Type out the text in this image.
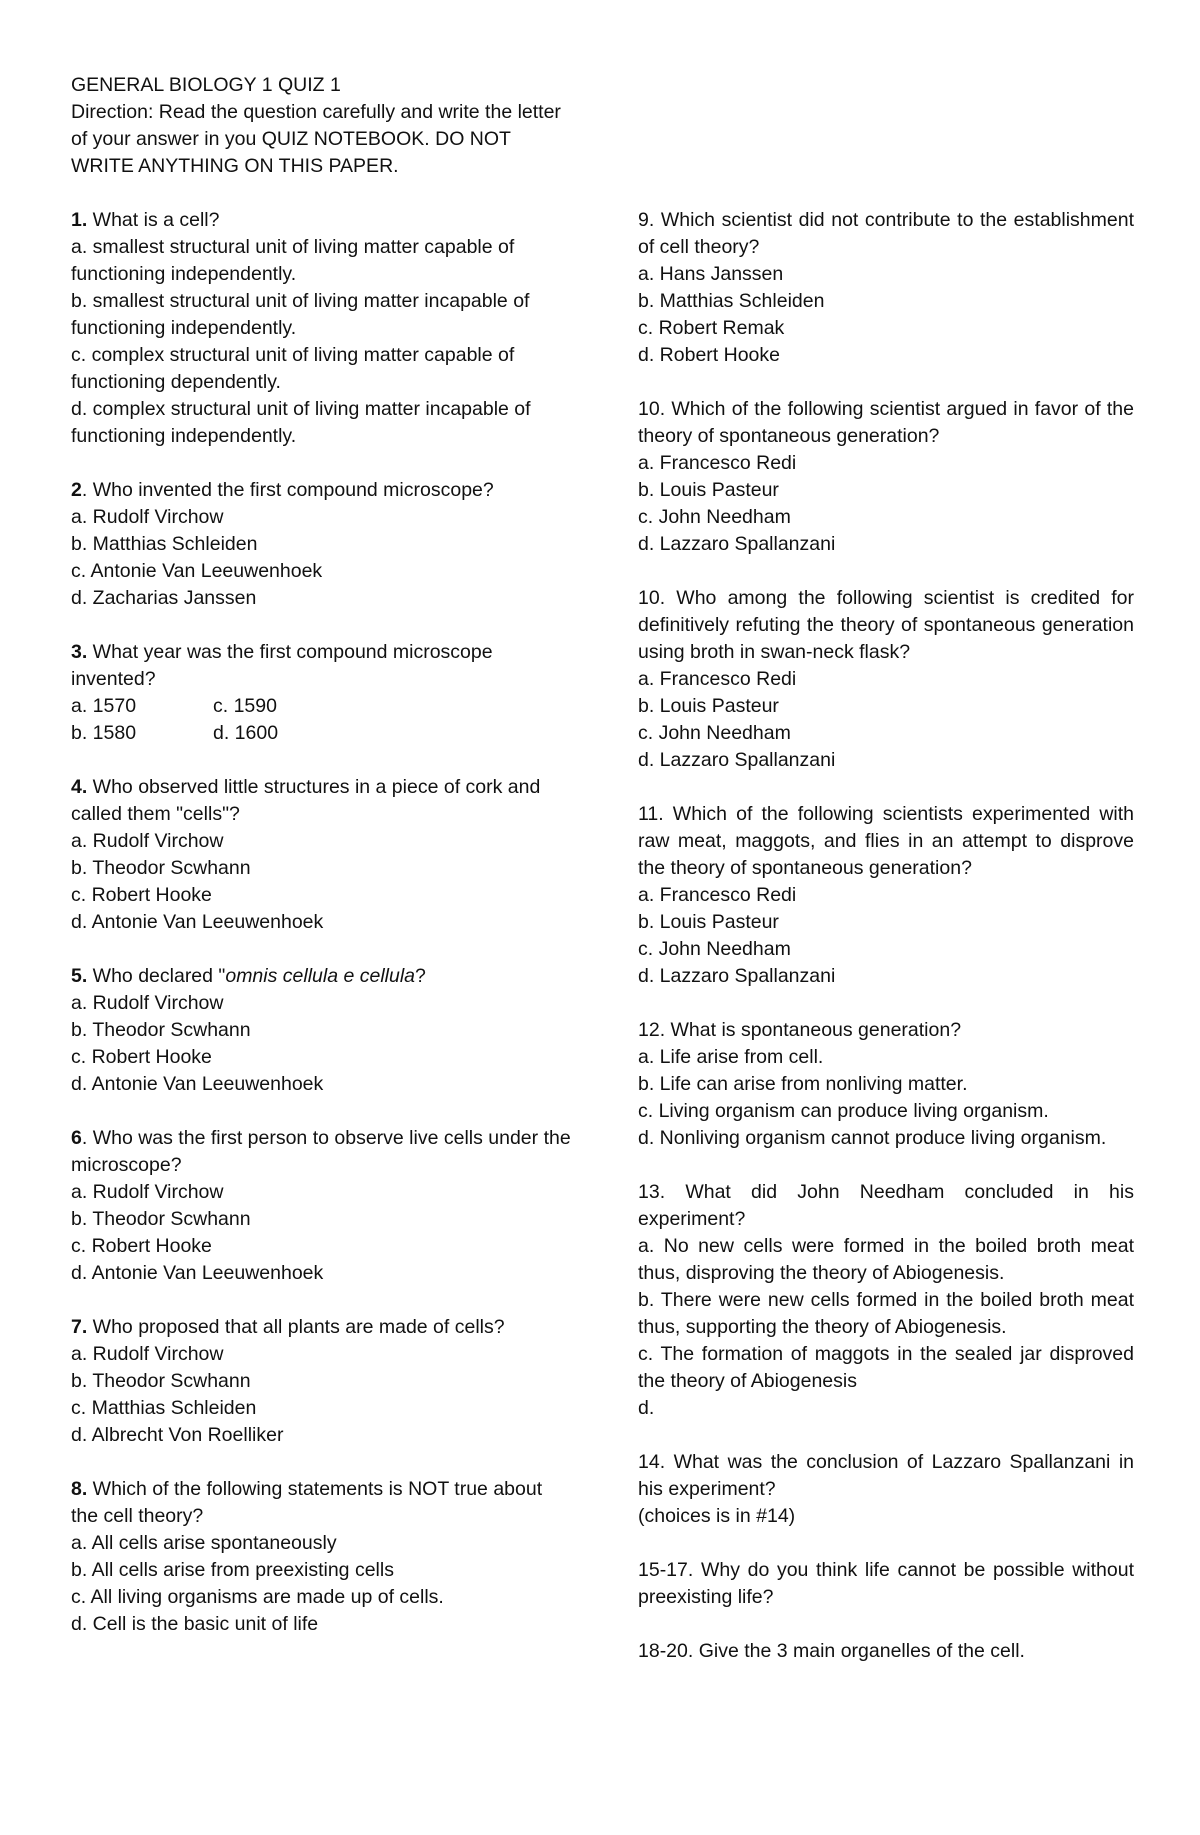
GENERAL BIOLOGY 1 QUIZ 1

Direction: Read the question carefully and write the letter of your answer in you QUIZ NOTEBOOK. DO NOT WRITE ANYTHING ON THIS PAPER.

1. What is a cell?
a. smallest structural unit of living matter capable of functioning independently.
b. smallest structural unit of living matter incapable of functioning independently.
c. complex structural unit of living matter capable of functioning dependently.
d. complex structural unit of living matter incapable of functioning independently.
2. Who invented the first compound microscope?
a. Rudolf Virchow
b. Matthias Schleiden
c. Antonie Van Leeuwenhoek
d. Zacharias Janssen
3. What year was the first compound microscope invented?
a. 1570	c. 1590
b. 1580	d. 1600
4. Who observed little structures in a piece of cork and called them "cells"?
a. Rudolf Virchow
b. Theodor Scwhann
c. Robert Hooke
d. Antonie Van Leeuwenhoek
5. Who declared "omnis cellula e cellula?
a. Rudolf Virchow
b. Theodor Scwhann
c. Robert Hooke
d. Antonie Van Leeuwenhoek
6. Who was the first person to observe live cells under the microscope?
a. Rudolf Virchow
b. Theodor Scwhann
c. Robert Hooke
d. Antonie Van Leeuwenhoek
7. Who proposed that all plants are made of cells?
a. Rudolf Virchow
b. Theodor Scwhann
c. Matthias Schleiden
d. Albrecht Von Roelliker
8. Which of the following statements is NOT true about the cell theory?
a. All cells arise spontaneously
b. All cells arise from preexisting cells
c. All living organisms are made up of cells.
d. Cell is the basic unit of life
9. Which scientist did not contribute to the establishment of cell theory?
a. Hans Janssen
b. Matthias Schleiden
c. Robert Remak
d. Robert Hooke
10. Which of the following scientist argued in favor of the theory of spontaneous generation?
a. Francesco Redi
b. Louis Pasteur
c. John Needham
d. Lazzaro Spallanzani
10. Who among the following scientist is credited for definitively refuting the theory of spontaneous generation using broth in swan-neck flask?
a. Francesco Redi
b. Louis Pasteur
c. John Needham
d. Lazzaro Spallanzani
11. Which of the following scientists experimented with raw meat, maggots, and flies in an attempt to disprove the theory of spontaneous generation?
a. Francesco Redi
b. Louis Pasteur
c. John Needham
d. Lazzaro Spallanzani
12. What is spontaneous generation?
a. Life arise from cell.
b. Life can arise from nonliving matter.
c. Living organism can produce living organism.
d. Nonliving organism cannot produce living organism.
13. What did John Needham concluded in his experiment?
a. No new cells were formed in the boiled broth meat thus, disproving the theory of Abiogenesis.
b. There were new cells formed in the boiled broth meat thus, supporting the theory of Abiogenesis.
c. The formation of maggots in the sealed jar disproved the theory of Abiogenesis
d.
14. What was the conclusion of Lazzaro Spallanzani in his experiment?
(choices is in #14)
15-17. Why do you think life cannot be possible without preexisting life?
18-20. Give the 3 main organelles of the cell.
